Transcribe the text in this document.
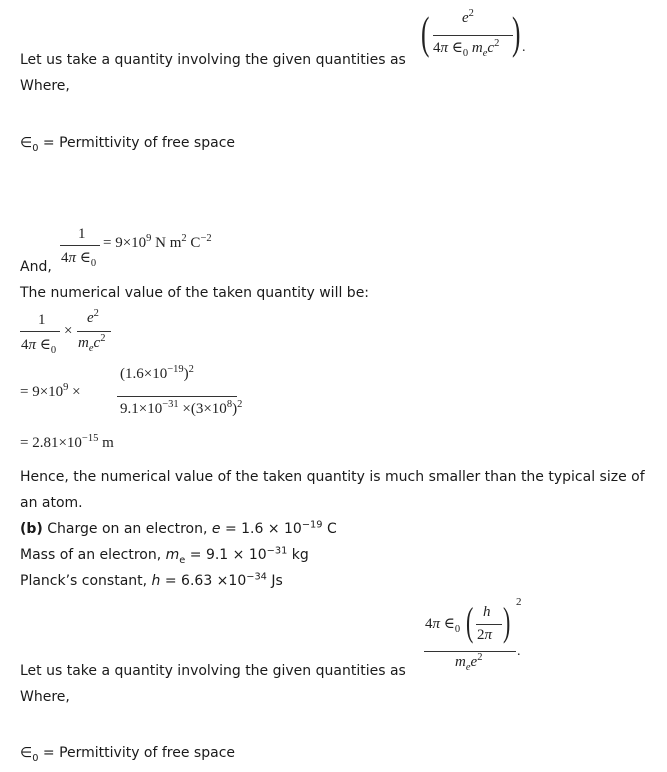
Let us take a quantity involving the given quantities as
( $e^2$
4π $\in_0$ $m_ec^2$ ) .
Where,
$\in_0$ = Permittivity of free space
1
4π $\in_0$
= $9\times 10^9$ N $m^2$ $C^{-2}$
And,
The numerical value of the taken quantity will be:
1
4π $\in_0$
×
$e^2$
$m_ec^2$
= $9\times 10^9$ ×
$(1.6\times 10^{-19})^2$
$9.1\times 10^{-31} \times(3\times 10^8)^2$
= $2.81\times 10^{-15}$ m
Hence, the numerical value of the taken quantity is much smaller than the typical size of
an atom.
(b) Charge on an electron, $e = 1.6 \times 10^{-19}$ C
Mass of an electron, $m_e = 9.1 \times 10^{-31}$ kg
Planck’s constant, $h = 6.63 \times 10^{-34}$ Js
4π $\in_0$ ( h
2π ) 2
$m_ee^2$ .
Let us take a quantity involving the given quantities as
Where,
$\in_0$ = Permittivity of free space
